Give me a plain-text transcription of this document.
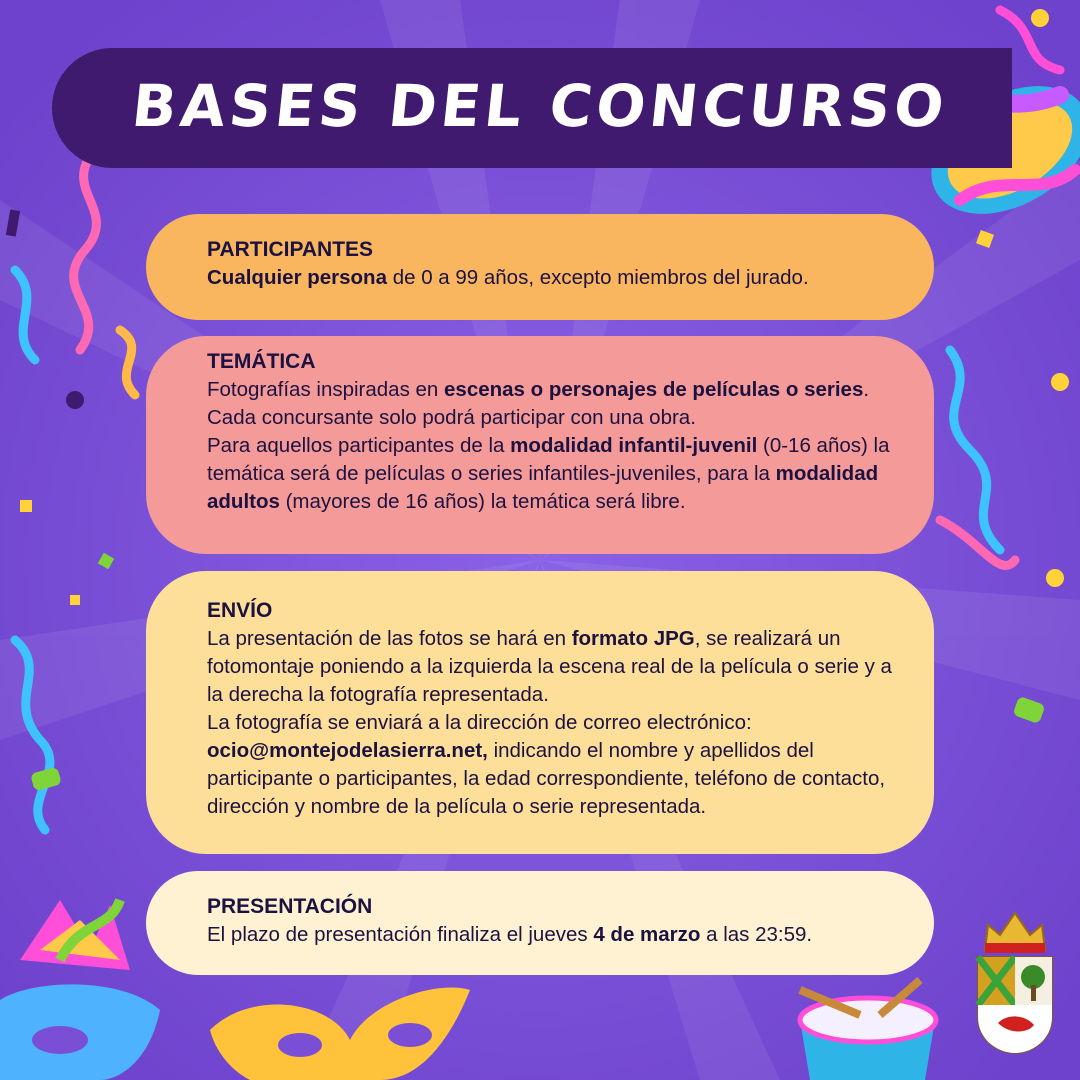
BASES DEL CONCURSO
PARTICIPANTES

Cualquier persona de 0 a 99 años, excepto miembros del jurado.

TEMÁTICA

Fotografías inspiradas en escenas o personajes de películas o series. Cada concursante solo podrá participar con una obra.

Para aquellos participantes de la modalidad infantil-juvenil (0-16 años) la temática será de películas o series infantiles-juveniles, para la modalidad adultos (mayores de 16 años) la temática será libre.

ENVÍO

La presentación de las fotos se hará en formato JPG, se realizará un fotomontaje poniendo a la izquierda la escena real de la película o serie y a la derecha la fotografía representada.

La fotografía se enviará a la dirección de correo electrónico: ocio@montejodelasierra.net, indicando el nombre y apellidos del participante o participantes, la edad correspondiente, teléfono de contacto, dirección y nombre de la película o serie representada.

PRESENTACIÓN

El plazo de presentación finaliza el jueves 4 de marzo a las 23:59.
